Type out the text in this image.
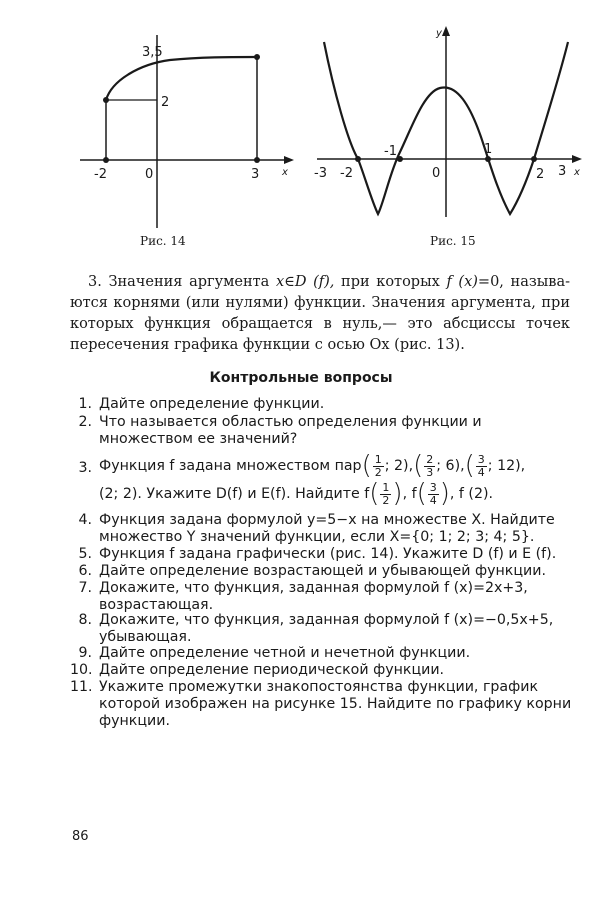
3,5
2
-2	0	3 x
Рис. 14
-3 -2
-1
0
1
2 3 x
y
Рис. 15
3. Значения аргумента x∈D (f), при которых f (x)=0, называ- ются корнями (или нулями) функции. Значения аргумента, при которых функция обращается в нуль,— это абсциссы точек пересечения графика функции с осью Ox (рис. 13).
Контрольные вопросы
1. Дайте определение функции.
2. Что называется областью определения функции и множеством ее значений?
3. Функция f задана множеством $пар( \frac{1}{2}$ ; $2),( \frac{2}{3}$ ; $6),( \frac{3}{4}$ ; 12),
(2; 2). Укажите D(f) и E(f). Найдите $f( \frac{1}{2}$ ), $f( \frac{3}{4}$ ), f (2).
4. Функция задана формулой y=5−x на множестве X. Найдите множество Y значений функции, если X={0; 1; 2; 3; 4; 5}.
5. Функция f задана графически (рис. 14). Укажите D (f) и E (f).
6. Дайте определение возрастающей и убывающей функции.
7. Докажите, что функция, заданная формулой f (x)=2x+3, возрастающая.
8. Докажите, что функция, заданная формулой f (x)=−0,5x+5, убывающая.
9. Дайте определение четной и нечетной функции.
10. Дайте определение периодической функции.
11. Укажите промежутки знакопостоянства функции, график которой изображен на рисунке 15. Найдите по графику корни функции.
86
